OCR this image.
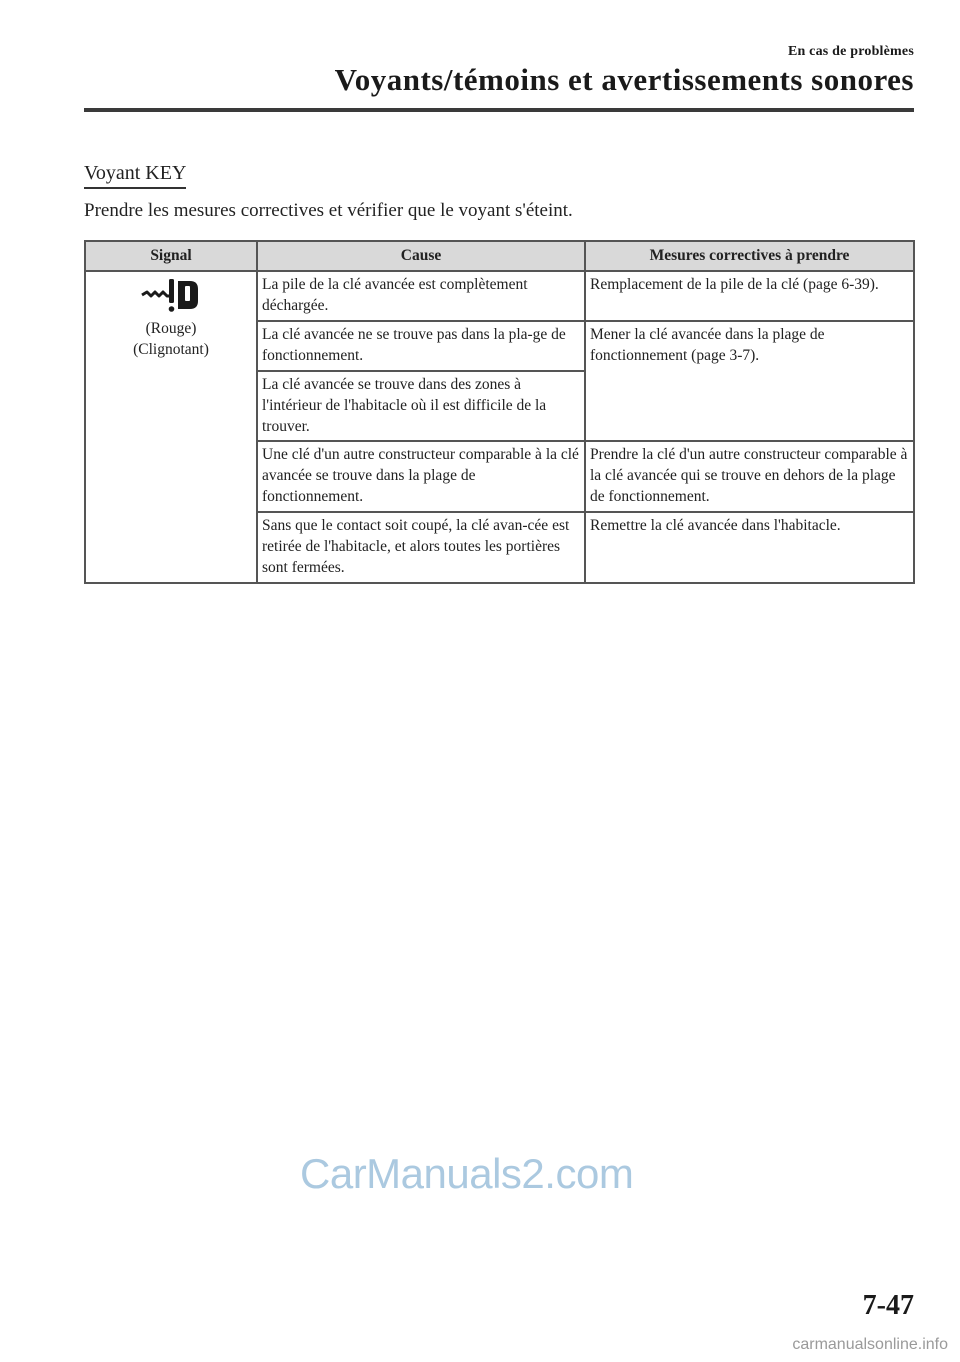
En cas de problèmes
Voyants/témoins et avertissements sonores
Voyant KEY
Prendre les mesures correctives et vérifier que le voyant s'éteint.
Signal	Cause	Mesures correctives à prendre

(Rouge)
(Clignotant)	La pile de la clé avancée est complètement déchargée.	Remplacement de la pile de la clé (page 6-39).
	La clé avancée ne se trouve pas dans la pla-ge de fonctionnement.	Mener la clé avancée dans la plage de fonctionnement (page 3-7).
	La clé avancée se trouve dans des zones à l'intérieur de l'habitacle où il est difficile de la trouver.	
	Une clé d'un autre constructeur comparable à la clé avancée se trouve dans la plage de fonctionnement.	Prendre la clé d'un autre constructeur comparable à la clé avancée qui se trouve en dehors de la plage de fonctionnement.
	Sans que le contact soit coupé, la clé avan-cée est retirée de l'habitacle, et alors toutes les portières sont fermées.	Remettre la clé avancée dans l'habitacle.
CarManuals2.com
7-47
carmanualsonline.info
